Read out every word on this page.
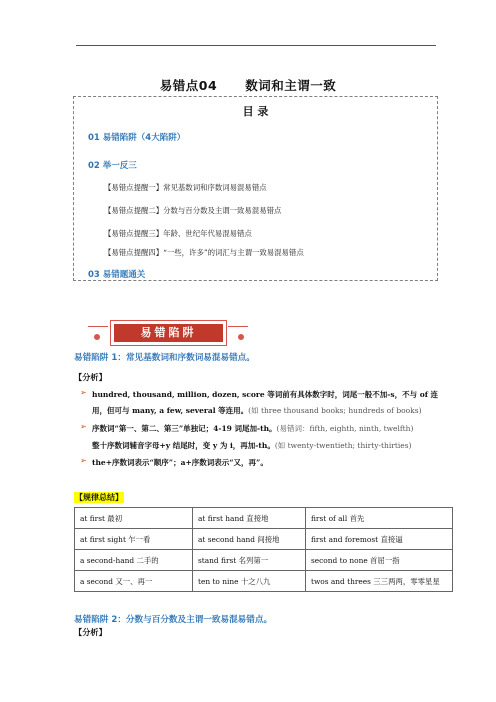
易错点04 数词和主谓一致
目 录
01 易错陷阱（4大陷阱）
02 举一反三
【易错点提醒一】常见基数词和序数词易混易错点
【易错点提醒二】分数与百分数及主谓一致易混易错点
【易错点提醒三】年龄、世纪年代易混易错点
【易错点提醒四】“一些，许多”的词汇与主谓一致易混易错点
03 易错题通关
易错陷阱
易错陷阱 1：常见基数词和序数词易混易错点。
【分析】
➢ hundred, thousand, million, dozen, score 等词前有具体数字时，词尾一般不加-s，不与 of 连
用，但可与 many, a few, several 等连用。(如 three thousand books; hundreds of books)
➢ 序数词“第一、第二、第三”单独记；4-19 词尾加-th。(易错词：fifth, eighth, ninth, twelfth)
整十序数词辅音字母+y 结尾时，变 y 为 i，再加-th。(如 twenty-twentieth; thirty-thirties)
➢ the+序数词表示“顺序”；a+序数词表示“又，再”。
【规律总结】
at first 最初	at first hand 直接地	first of all 首先
at first sight 乍一看	at second hand 间接地	first and foremost 直接逼
a second-hand 二手的	stand first 名列第一	second to none 首屈一指
a second 又一、再一	ten to nine 十之八九	twos and threes 三三两两，零零星星
易错陷阱 2：分数与百分数及主谓一致易混易错点。
【分析】
